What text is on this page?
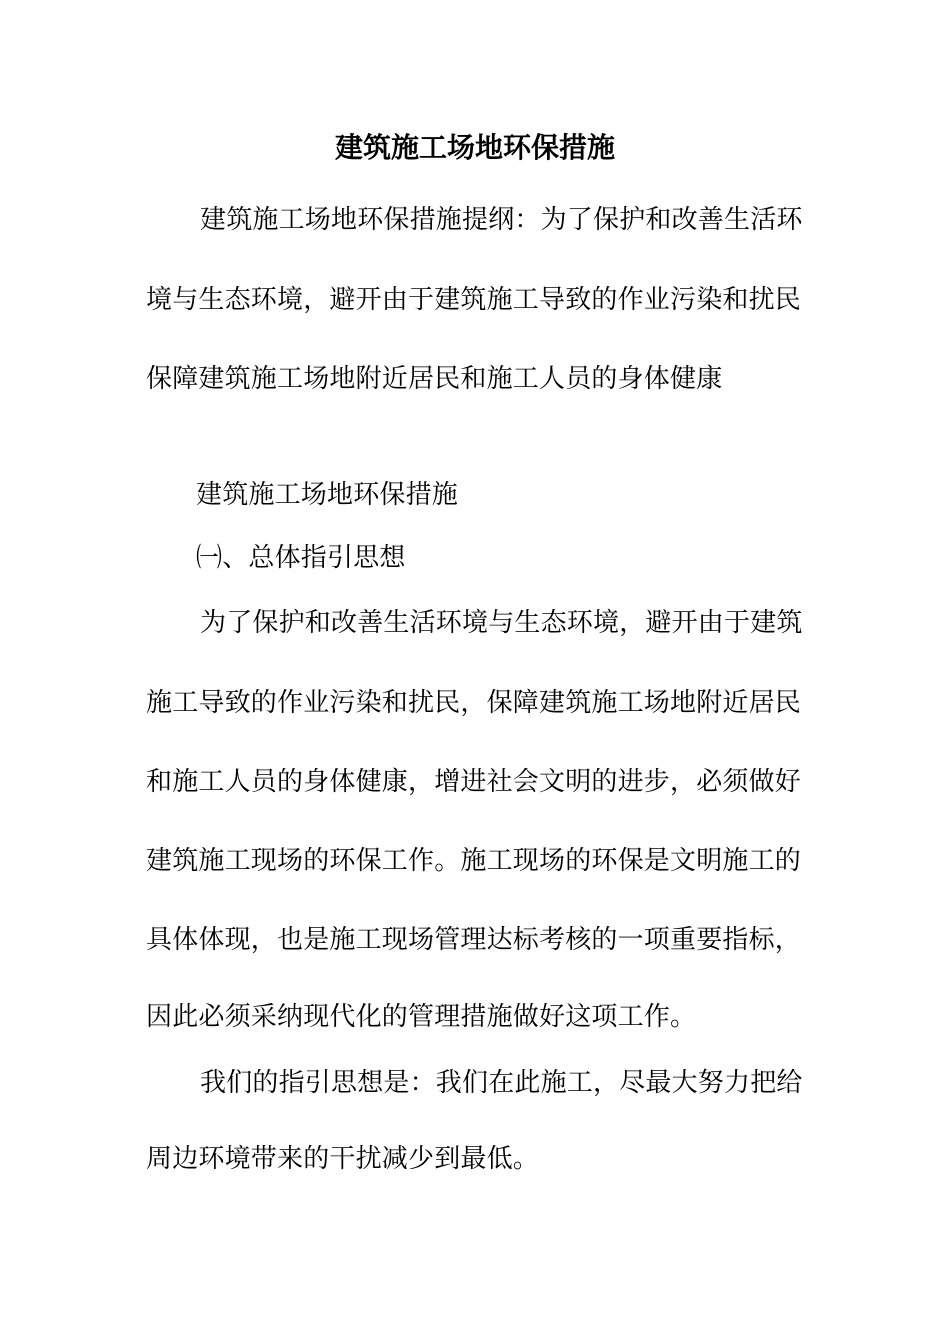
建筑施工场地环保措施
建筑施工场地环保措施提纲：为了保护和改善生活环
境与生态环境，避开由于建筑施工导致的作业污染和扰民
保障建筑施工场地附近居民和施工人员的身体健康
建筑施工场地环保措施
㈠、总体指引思想
为了保护和改善生活环境与生态环境，避开由于建筑
施工导致的作业污染和扰民，保障建筑施工场地附近居民
和施工人员的身体健康，增进社会文明的进步，必须做好
建筑施工现场的环保工作。施工现场的环保是文明施工的
具体体现，也是施工现场管理达标考核的一项重要指标，
因此必须采纳现代化的管理措施做好这项工作。
我们的指引思想是：我们在此施工，尽最大努力把给
周边环境带来的干扰减少到最低。
